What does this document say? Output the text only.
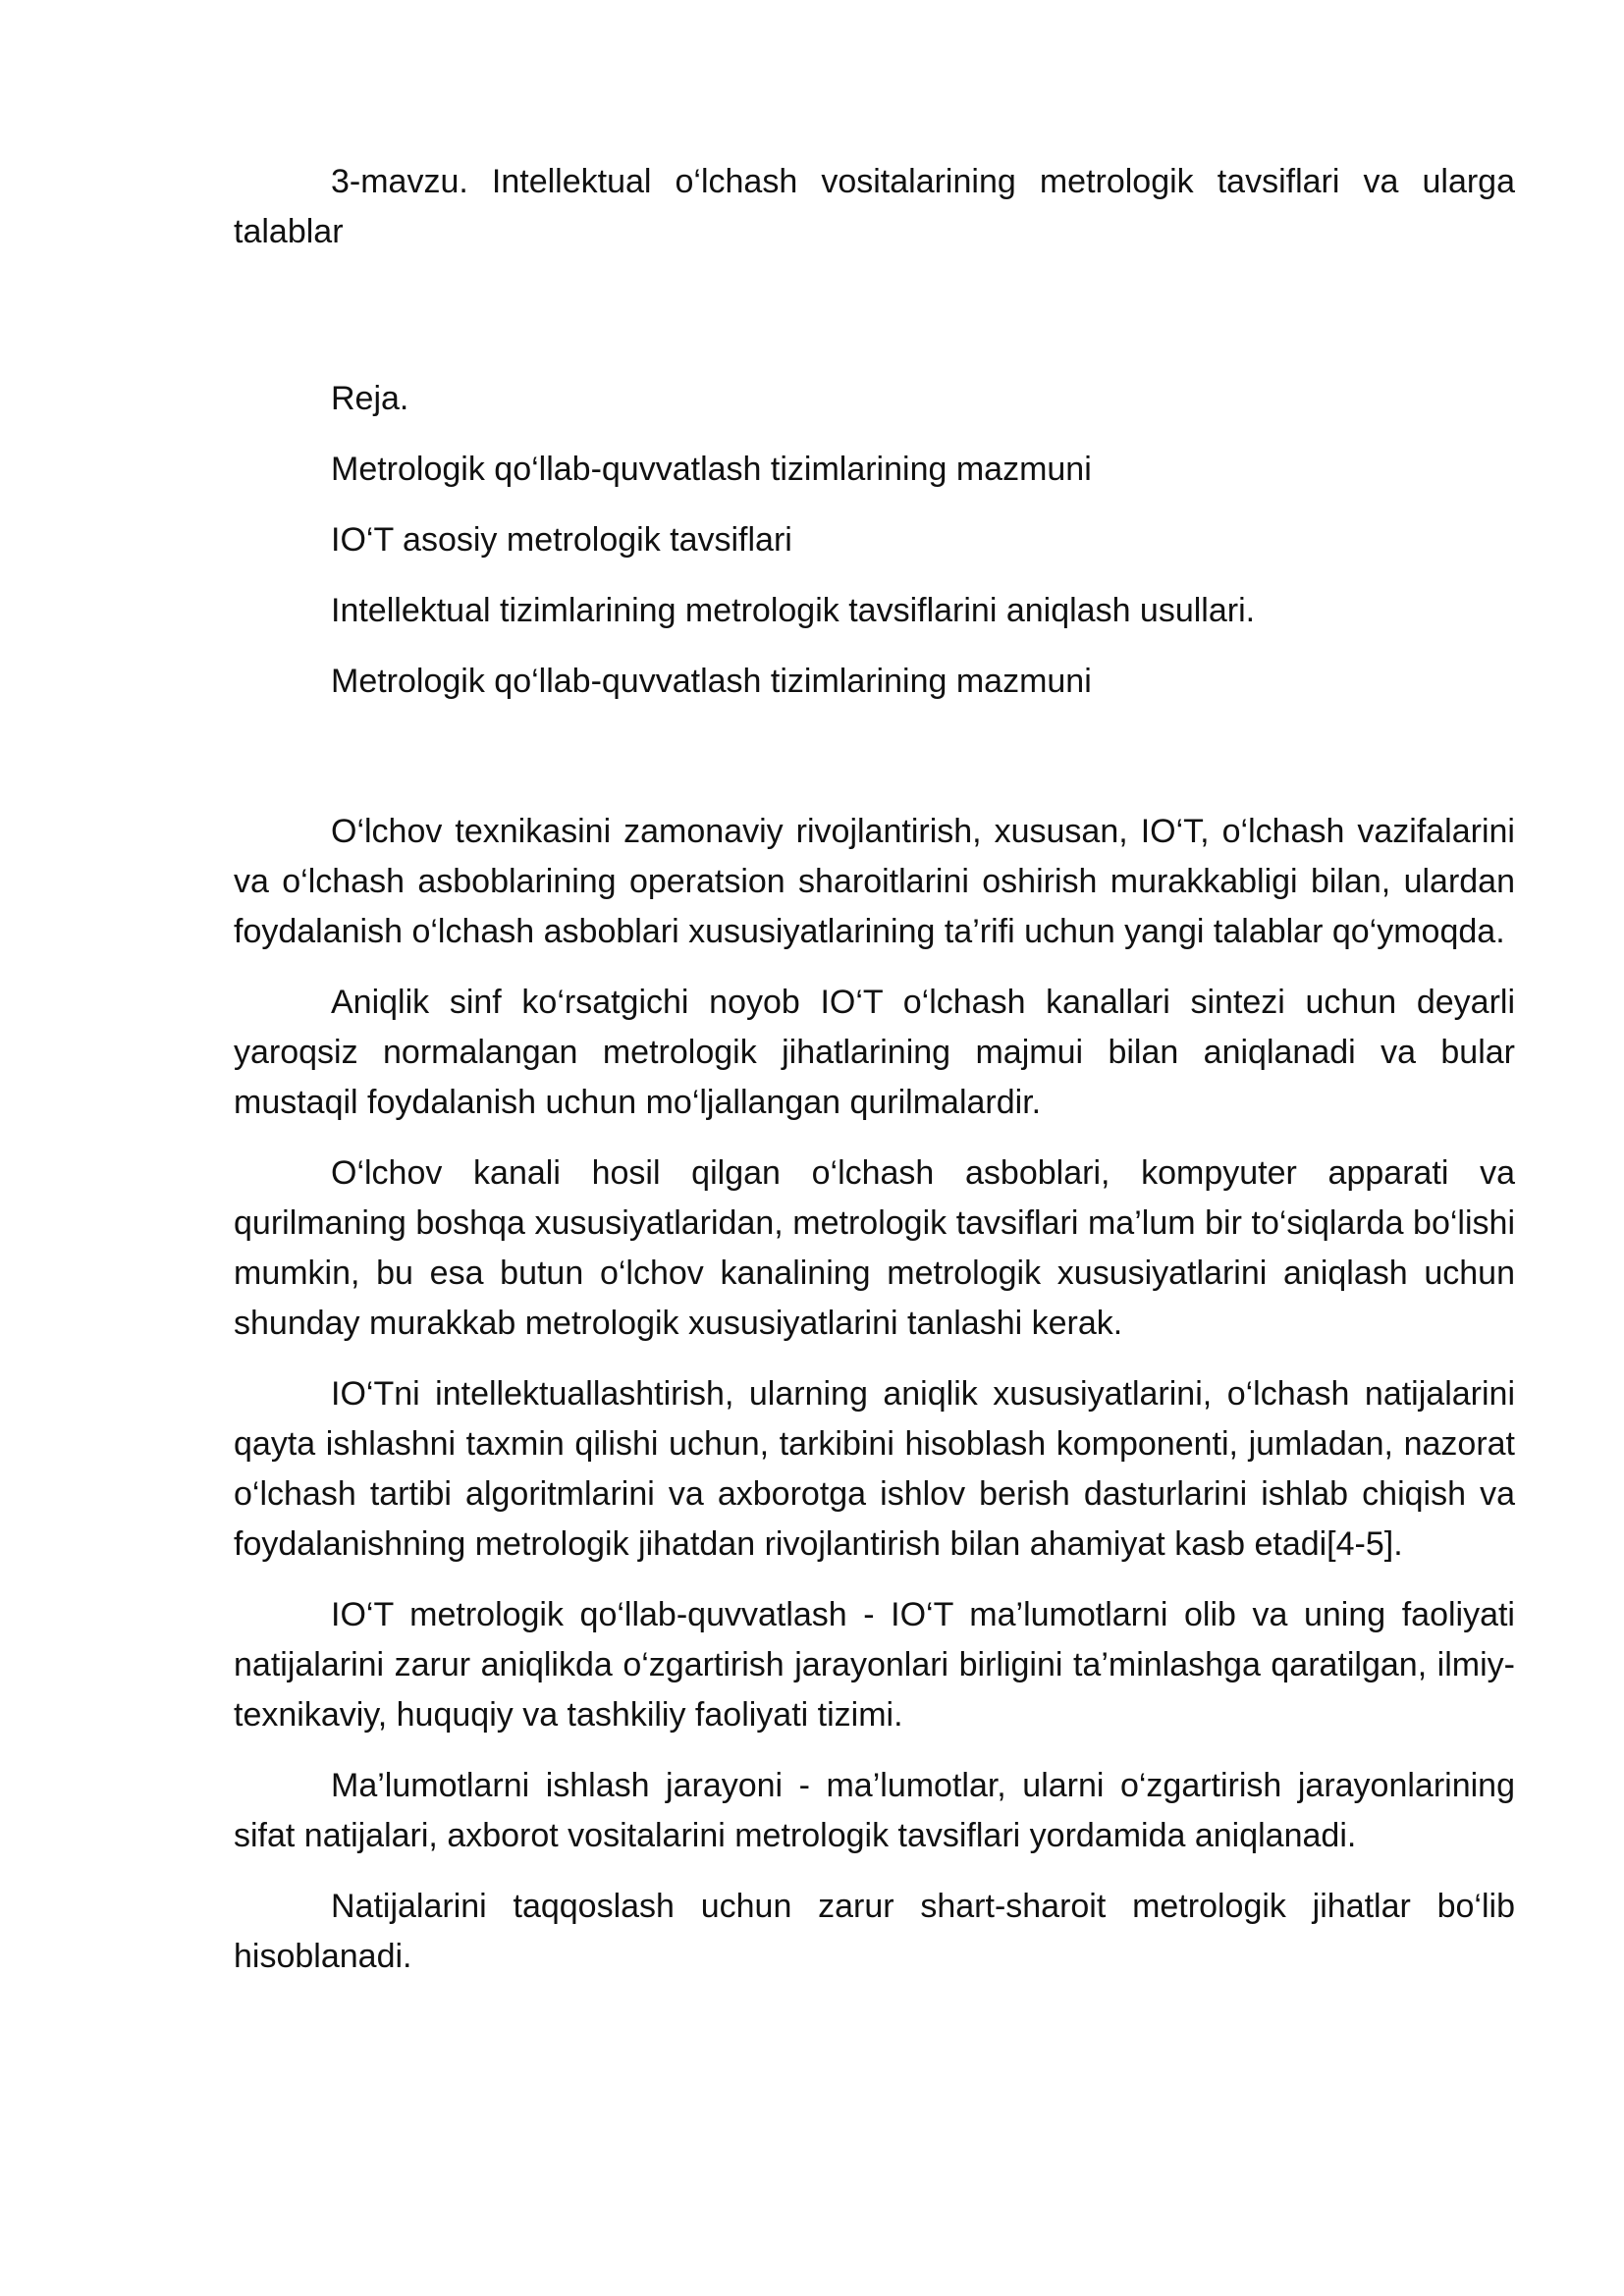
3-mavzu. Intellektual o‘lchash vositalarining metrologik tavsiflari va ularga talablar

Reja.

Metrologik qo‘llab-quvvatlash tizimlarining mazmuni

IO‘T asosiy metrologik tavsiflari

Intellektual tizimlarining metrologik tavsiflarini aniqlash usullari.

Metrologik qo‘llab-quvvatlash tizimlarining mazmuni

O‘lchov texnikasini zamonaviy rivojlantirish, xususan, IO‘T, o‘lchash vazifalarini va o‘lchash asboblarining operatsion sharoitlarini oshirish murakkabligi bilan, ulardan foydalanish o‘lchash asboblari xususiyatlarining ta’rifi uchun yangi talablar qo‘ymoqda.

Aniqlik sinf ko‘rsatgichi noyob IO‘T o‘lchash kanallari sintezi uchun deyarli yaroqsiz normalangan metrologik jihatlarining majmui bilan aniqlanadi va bular mustaqil foydalanish uchun mo‘ljallangan qurilmalardir.

O‘lchov kanali hosil qilgan o‘lchash asboblari, kompyuter apparati va qurilmaning boshqa xususiyatlaridan, metrologik tavsiflari ma’lum bir to‘siqlarda bo‘lishi mumkin, bu esa butun o‘lchov kanalining metrologik xususiyatlarini aniqlash uchun shunday murakkab metrologik xususiyatlarini tanlashi kerak.

IO‘Tni intellektuallashtirish, ularning aniqlik xususiyatlarini, o‘lchash natijalarini qayta ishlashni taxmin qilishi uchun, tarkibini hisoblash komponenti, jumladan, nazorat o‘lchash tartibi algoritmlarini va axborotga ishlov berish dasturlarini ishlab chiqish va foydalanishning metrologik jihatdan rivojlantirish bilan ahamiyat kasb etadi[4-5].

IO‘T metrologik qo‘llab-quvvatlash - IO‘T ma’lumotlarni olib va uning faoliyati natijalarini zarur aniqlikda o‘zgartirish jarayonlari birligini ta’minlashga qaratilgan, ilmiy-texnikaviy, huquqiy va tashkiliy faoliyati tizimi.

Ma’lumotlarni ishlash jarayoni - ma’lumotlar, ularni o‘zgartirish jarayonlarining sifat natijalari, axborot vositalarini metrologik tavsiflari yordamida aniqlanadi.

Natijalarini taqqoslash uchun zarur shart-sharoit metrologik jihatlar bo‘lib hisoblanadi.
